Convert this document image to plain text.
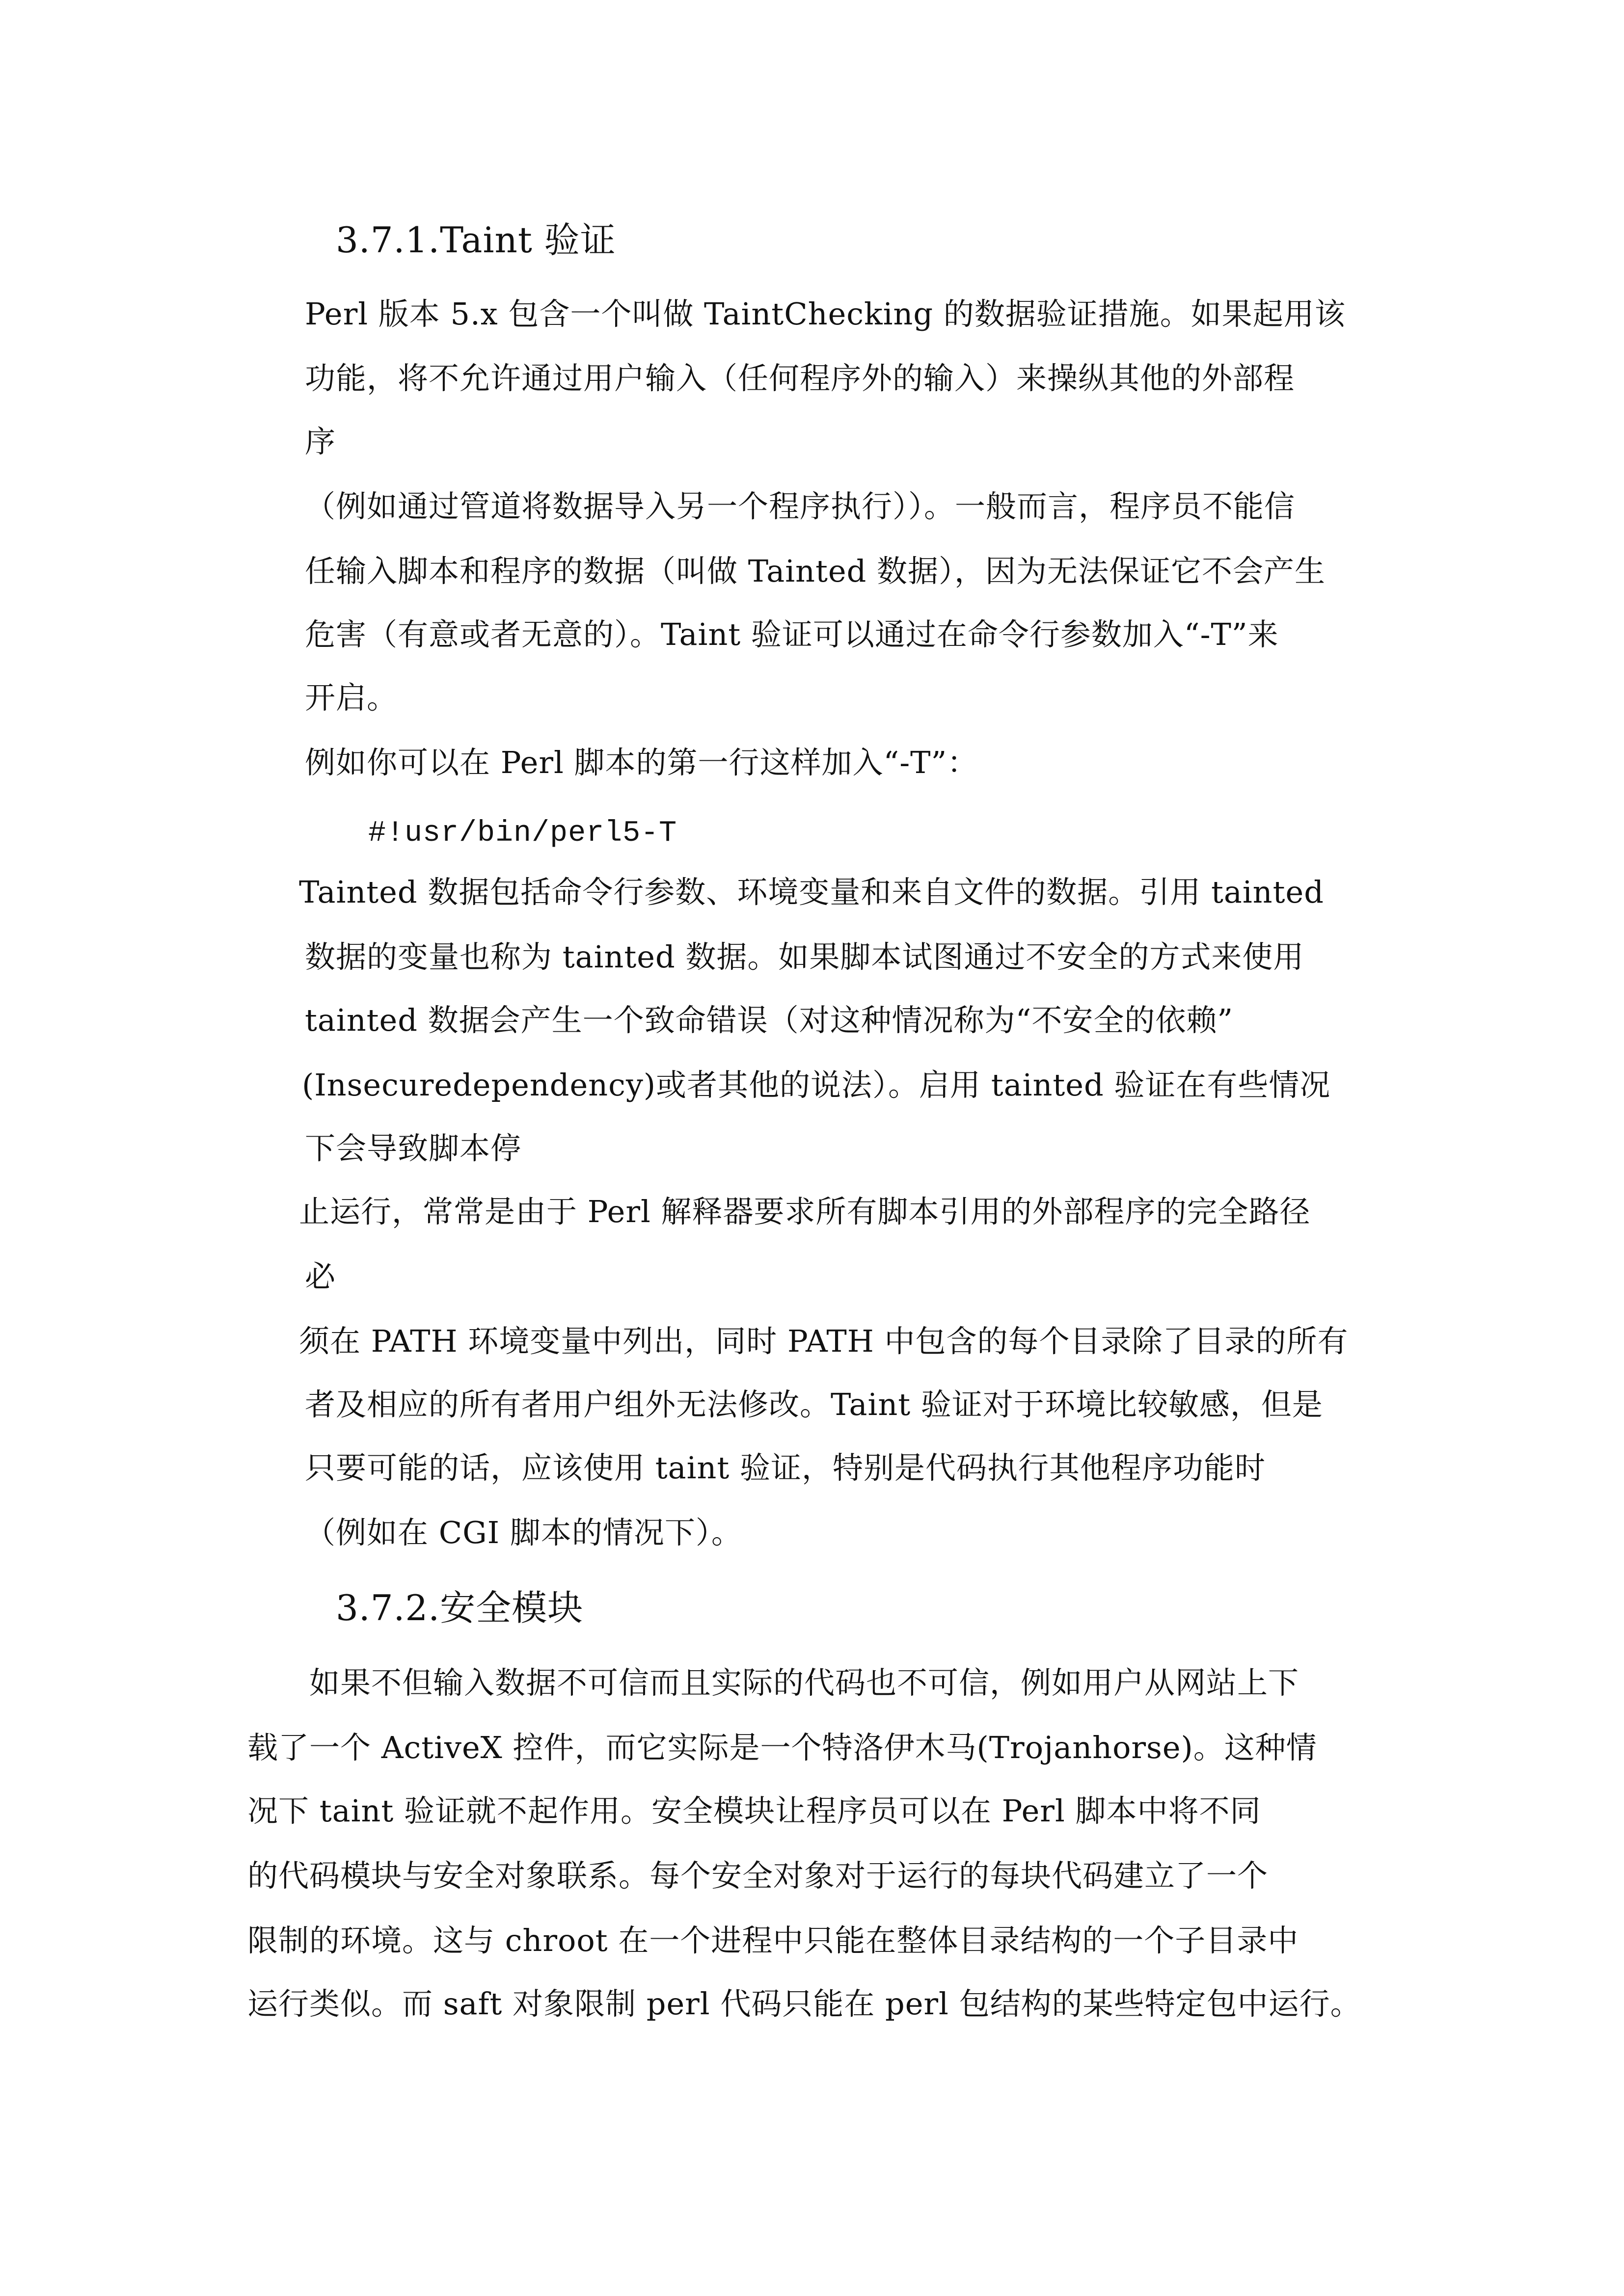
3.7.1.Taint 验证
Perl 版本 5.x 包含一个叫做 TaintChecking 的数据验证措施。如果起用该
功能，将不允许通过用户输入（任何程序外的输入）来操纵其他的外部程
序
（例如通过管道将数据导入另一个程序执行））。一般而言，程序员不能信
任输入脚本和程序的数据（叫做 Tainted 数据），因为无法保证它不会产生
危害（有意或者无意的）。Taint 验证可以通过在命令行参数加入“-T”来
开启。
例如你可以在 Perl 脚本的第一行这样加入“-T”：
#!usr/bin/perl5-T
Tainted 数据包括命令行参数、环境变量和来自文件的数据。引用 tainted
数据的变量也称为 tainted 数据。如果脚本试图通过不安全的方式来使用
tainted 数据会产生一个致命错误（对这种情况称为“不安全的依赖”
(Insecuredependency)或者其他的说法）。启用 tainted 验证在有些情况
下会导致脚本停
止运行，常常是由于 Perl 解释器要求所有脚本引用的外部程序的完全路径
必
须在 PATH 环境变量中列出，同时 PATH 中包含的每个目录除了目录的所有
者及相应的所有者用户组外无法修改。Taint 验证对于环境比较敏感，但是
只要可能的话，应该使用 taint 验证，特别是代码执行其他程序功能时
（例如在 CGI 脚本的情况下）。
3.7.2.安全模块
如果不但输入数据不可信而且实际的代码也不可信，例如用户从网站上下
载了一个 ActiveX 控件，而它实际是一个特洛伊木马(Trojanhorse)。这种情
况下 taint 验证就不起作用。安全模块让程序员可以在 Perl 脚本中将不同
的代码模块与安全对象联系。每个安全对象对于运行的每块代码建立了一个
限制的环境。这与 chroot 在一个进程中只能在整体目录结构的一个子目录中
运行类似。而 saft 对象限制 perl 代码只能在 perl 包结构的某些特定包中运行。
